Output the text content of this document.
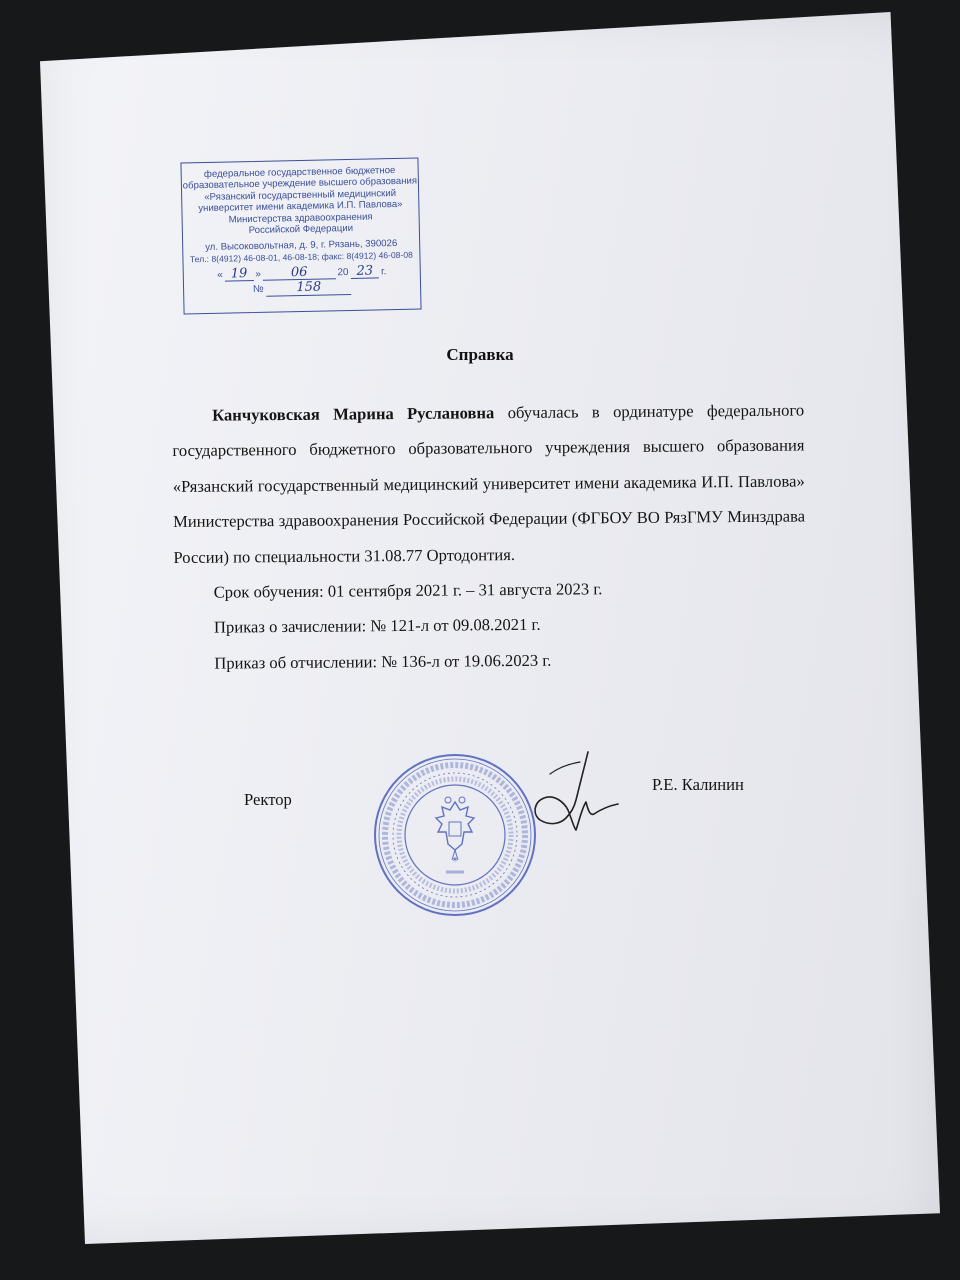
федеральное государственное бюджетное
образовательное учреждение высшего образования
«Рязанский государственный медицинский
университет имени академика И.П. Павлова»
Министерства здравоохранения
Российской Федерации
ул. Высоковольтная, д. 9, г. Рязань, 390026
Тел.: 8(4912) 46-08-01, 46-08-18; факс: 8(4912) 46-08-08
« 19 »	06	20 23 г.
№ 158
Справка

Канчуковская Марина Руслановна обучалась в ординатуре федерального государственного бюджетного образовательного учреждения высшего образования «Рязанский государственный медицинский университет имени академика И.П. Павлова» Министерства здравоохранения Российской Федерации (ФГБОУ ВО РязГМУ Минздрава России) по специальности 31.08.77 Ортодонтия.

Срок обучения: 01 сентября 2021 г. – 31 августа 2023 г.

Приказ о зачислении: № 121-л от 09.08.2021 г.

Приказ об отчислении: № 136-л от 19.06.2023 г.

Ректор
*
Р.Е. Калинин
